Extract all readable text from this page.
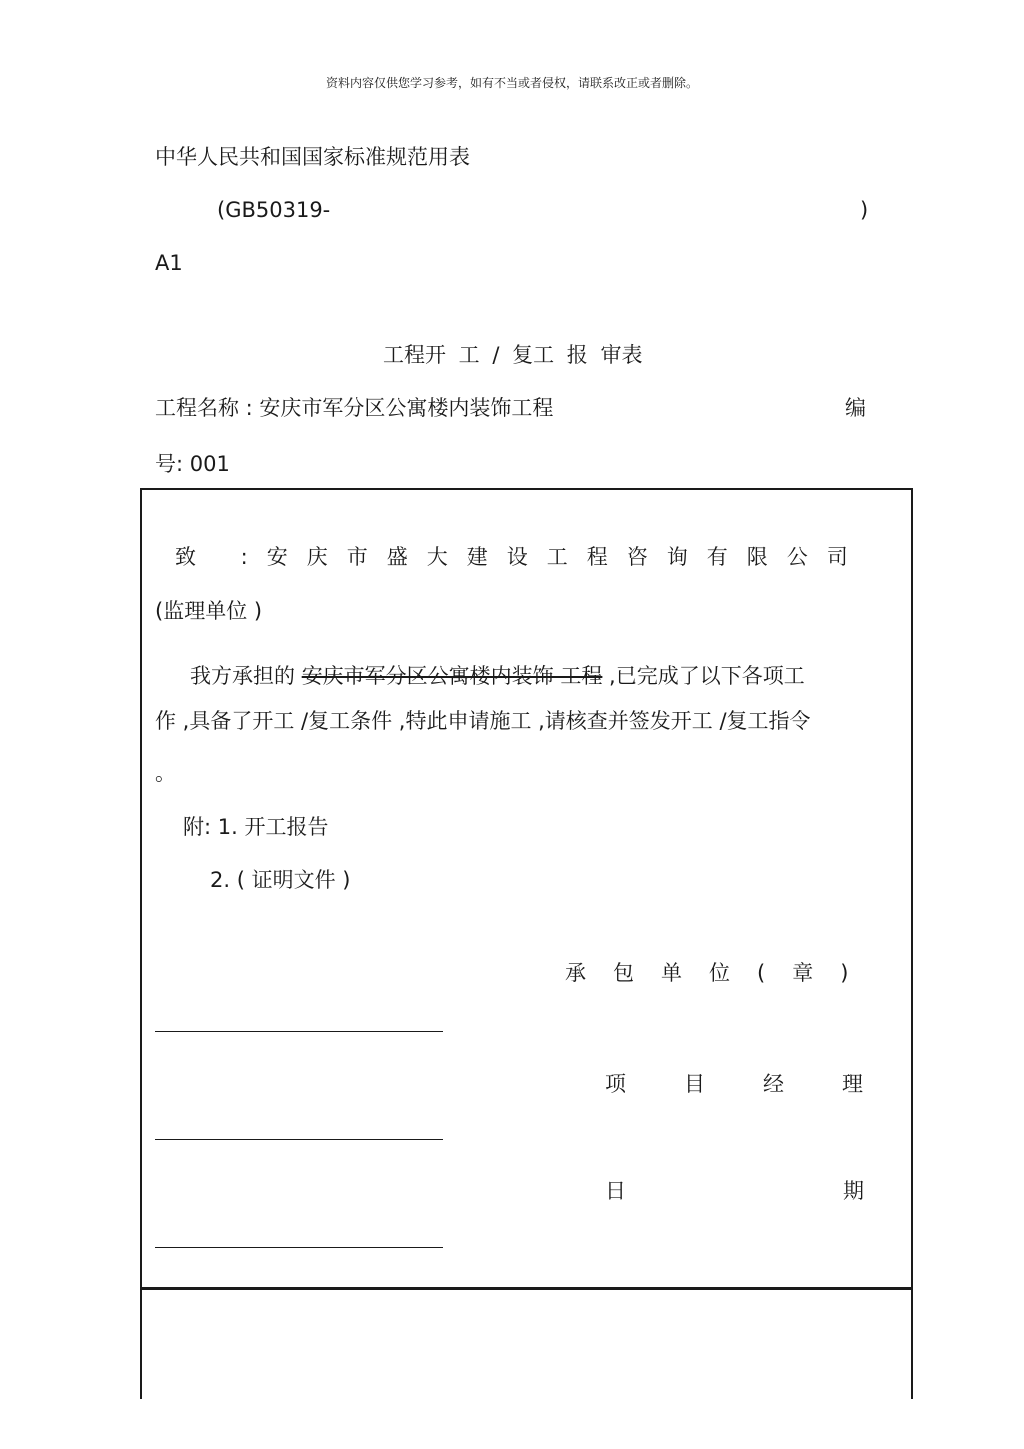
资料内容仅供您学习参考，如有不当或者侵权，请联系改正或者删除。
中华人民共和国国家标准规范用表
(GB50319-	)
A1
工程开 工 / 复工 报 审表
工程名称 : 安庆市军分区公寓楼内装饰工程	编
号: 001
致 :安庆市盛大建设工程咨询有限公司
(监理单位 )
我方承担的 安庆市军分区公寓楼内装饰 工程 ,已完成了以下各项工
作 ,具备了开工 /复工条件 ,特此申请施工 ,请核查并签发开工 /复工指令
。
附: 1. 开工报告
2. ( 证明文件 )
承包单位(章)
项目经理
日	期
